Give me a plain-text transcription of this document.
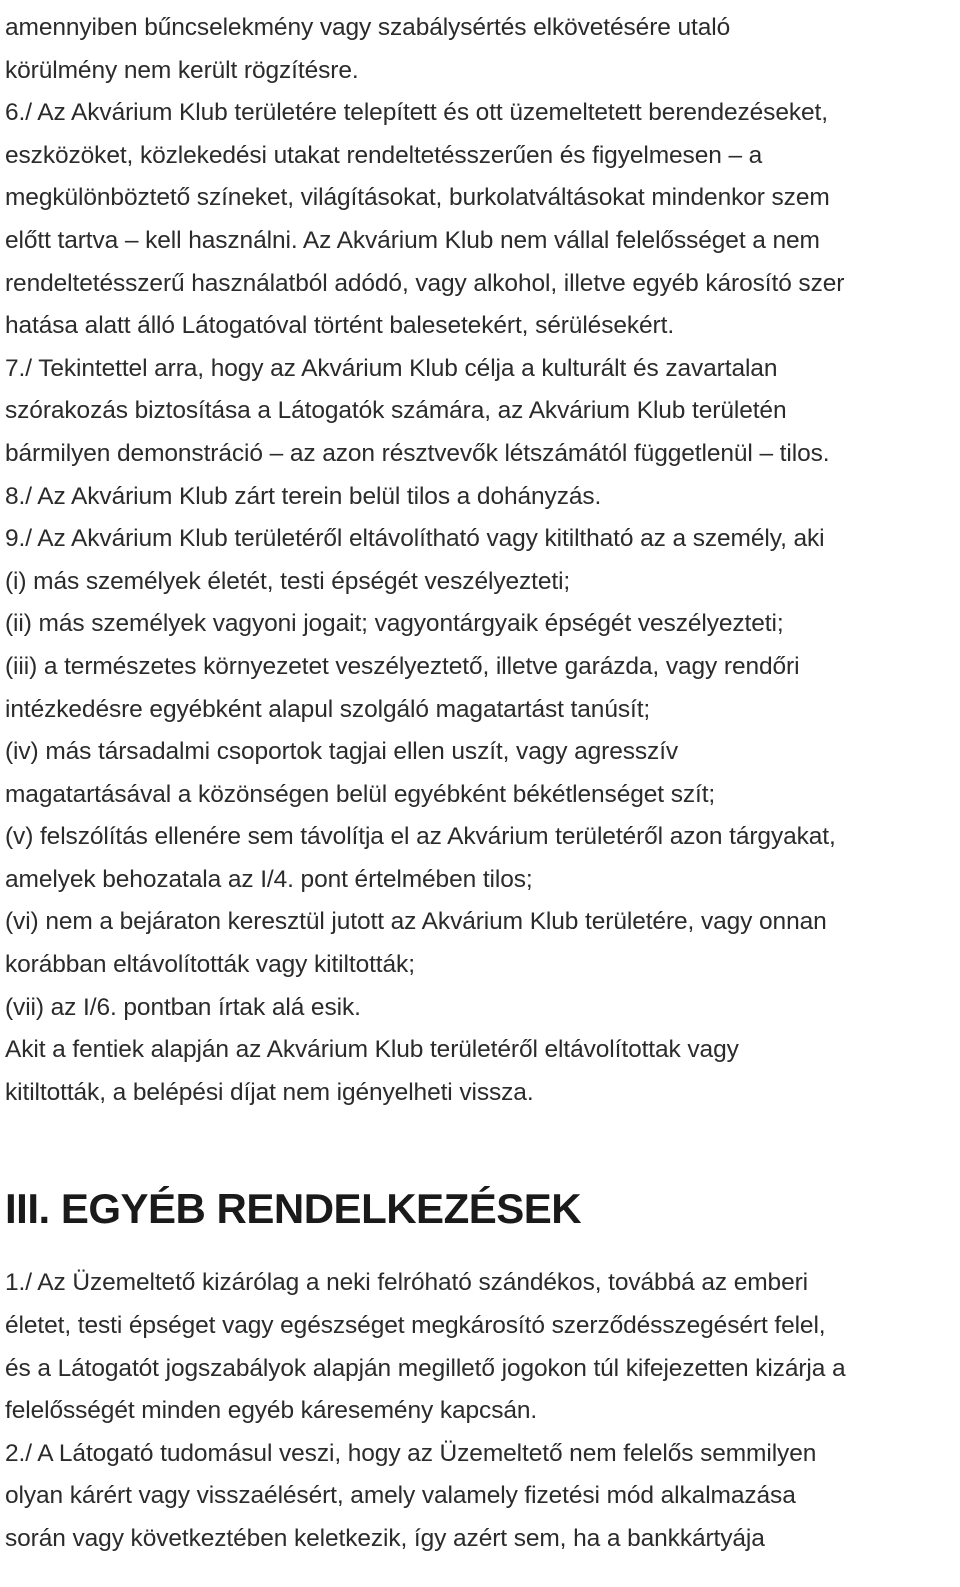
amennyiben bűncselekmény vagy szabálysértés elkövetésére utaló
körülmény nem került rögzítésre.
6./ Az Akvárium Klub területére telepített és ott üzemeltetett berendezéseket,
eszközöket, közlekedési utakat rendeltetésszerűen és figyelmesen – a
megkülönböztető színeket, világításokat, burkolatváltásokat mindenkor szem
előtt tartva – kell használni. Az Akvárium Klub nem vállal felelősséget a nem
rendeltetésszerű használatból adódó, vagy alkohol, illetve egyéb károsító szer
hatása alatt álló Látogatóval történt balesetekért, sérülésekért.
7./ Tekintettel arra, hogy az Akvárium Klub célja a kulturált és zavartalan
szórakozás biztosítása a Látogatók számára, az Akvárium Klub területén
bármilyen demonstráció – az azon résztvevők létszámától függetlenül – tilos.
8./ Az Akvárium Klub zárt terein belül tilos a dohányzás.
9./ Az Akvárium Klub területéről eltávolítható vagy kitiltható az a személy, aki
(i) más személyek életét, testi épségét veszélyezteti;
(ii) más személyek vagyoni jogait; vagyontárgyaik épségét veszélyezteti;
(iii) a természetes környezetet veszélyeztető, illetve garázda, vagy rendőri
intézkedésre egyébként alapul szolgáló magatartást tanúsít;
(iv) más társadalmi csoportok tagjai ellen uszít, vagy agresszív
magatartásával a közönségen belül egyébként békétlenséget szít;
(v) felszólítás ellenére sem távolítja el az Akvárium területéről azon tárgyakat,
amelyek behozatala az I/4. pont értelmében tilos;
(vi) nem a bejáraton keresztül jutott az Akvárium Klub területére, vagy onnan
korábban eltávolították vagy kitiltották;
(vii) az I/6. pontban írtak alá esik.
Akit a fentiek alapján az Akvárium Klub területéről eltávolítottak vagy
kitiltották, a belépési díjat nem igényelheti vissza.
III. EGYÉB RENDELKEZÉSEK
1./ Az Üzemeltető kizárólag a neki felróható szándékos, továbbá az emberi
életet, testi épséget vagy egészséget megkárosító szerződésszegésért felel,
és a Látogatót jogszabályok alapján megillető jogokon túl kifejezetten kizárja a
felelősségét minden egyéb káresemény kapcsán.
2./ A Látogató tudomásul veszi, hogy az Üzemeltető nem felelős semmilyen
olyan kárért vagy visszaélésért, amely valamely fizetési mód alkalmazása
során vagy következtében keletkezik, így azért sem, ha a bankkártyája
